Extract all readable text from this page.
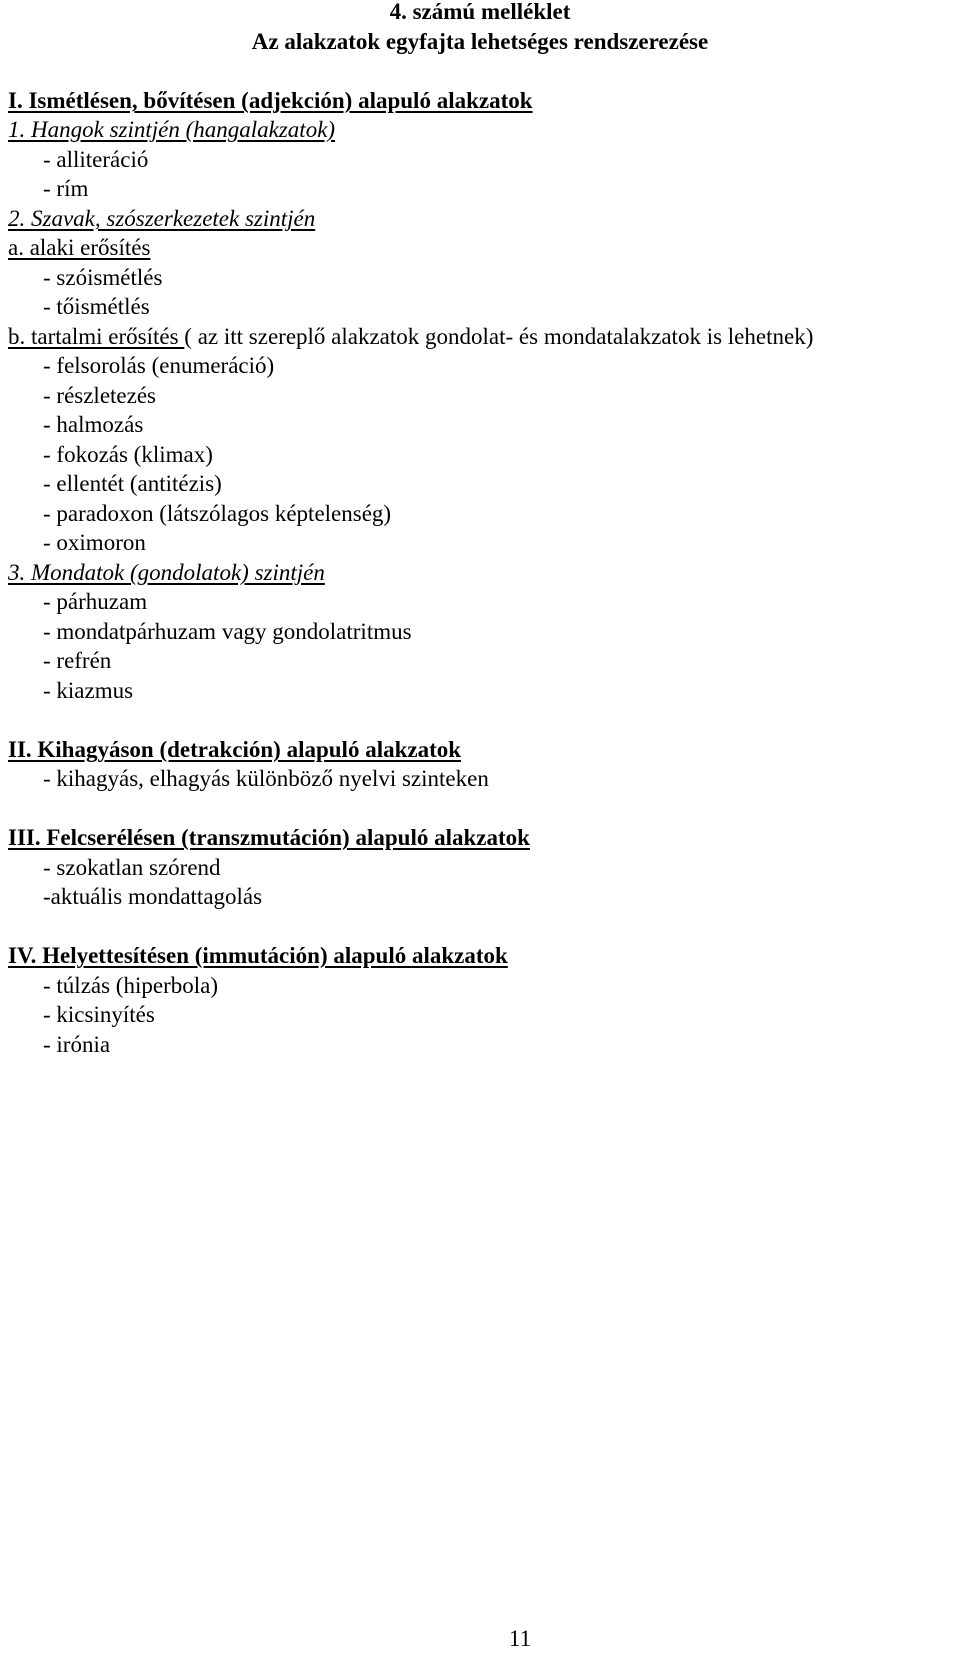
4. számú melléklet
Az alakzatok egyfajta lehetséges rendszerezése
I. Ismétlésen, bővítésen (adjekción) alapuló alakzatok
1. Hangok szintjén (hangalakzatok)
- alliteráció
- rím
2. Szavak, szószerkezetek szintjén
a. alaki erősítés
- szóismétlés
- tőismétlés
b. tartalmi erősítés ( az itt szereplő alakzatok gondolat- és mondatalakzatok is lehetnek)
- felsorolás (enumeráció)
- részletezés
- halmozás
- fokozás (klimax)
- ellentét (antitézis)
- paradoxon (látszólagos képtelenség)
- oximoron
3. Mondatok (gondolatok) szintjén
- párhuzam
- mondatpárhuzam vagy gondolatritmus
- refrén
- kiazmus
II. Kihagyáson (detrakción) alapuló alakzatok
- kihagyás, elhagyás különböző nyelvi szinteken
III. Felcserélésen (transzmutáción) alapuló alakzatok
- szokatlan szórend
-aktuális mondattagolás
IV. Helyettesítésen (immutáción) alapuló alakzatok
- túlzás (hiperbola)
- kicsinyítés
- irónia
11
